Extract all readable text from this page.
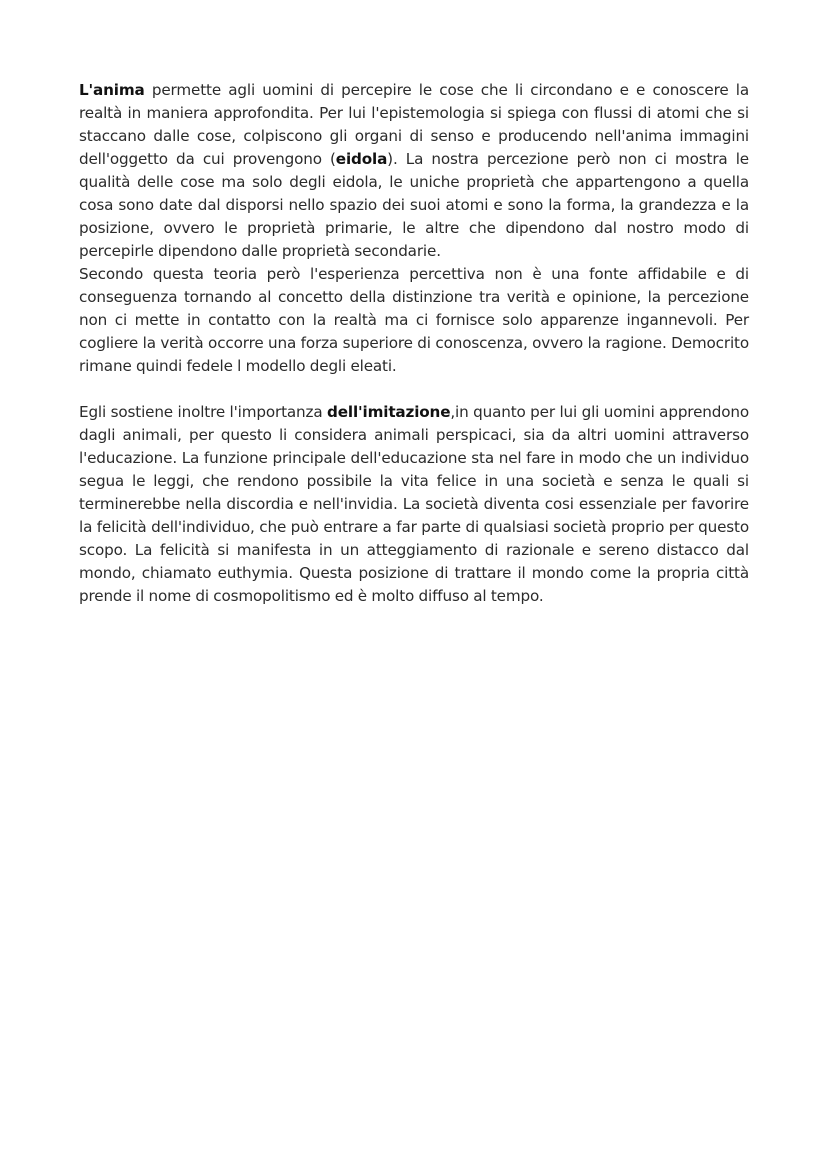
L'anima permette agli uomini di percepire le cose che li circondano e e conoscere la realtà in maniera approfondita. Per lui l'epistemologia si spiega con flussi di atomi che si staccano dalle cose, colpiscono gli organi di senso e producendo nell'anima immagini dell'oggetto da cui provengono (eidola). La nostra percezione però non ci mostra le qualità delle cose ma solo degli eidola, le uniche proprietà che appartengono a quella cosa sono date dal disporsi nello spazio dei suoi atomi e sono la forma, la grandezza e la posizione, ovvero le proprietà primarie, le altre che dipendono dal nostro modo di percepirle dipendono dalle proprietà secondarie.

Secondo questa teoria però l'esperienza percettiva non è una fonte affidabile e di conseguenza tornando al concetto della distinzione tra verità e opinione, la percezione non ci mette in contatto con la realtà ma ci fornisce solo apparenze ingannevoli. Per cogliere la verità occorre una forza superiore di conoscenza, ovvero la ragione. Democrito rimane quindi fedele l modello degli eleati.

Egli sostiene inoltre l'importanza dell'imitazione,in quanto per lui gli uomini apprendono dagli animali, per questo li considera animali perspicaci, sia da altri uomini attraverso l'educazione. La funzione principale dell'educazione sta nel fare in modo che un individuo segua le leggi, che rendono possibile la vita felice in una società e senza le quali si terminerebbe nella discordia e nell'invidia. La società diventa cosi essenziale per favorire la felicità dell'individuo, che può entrare a far parte di qualsiasi società proprio per questo scopo. La felicità si manifesta in un atteggiamento di razionale e sereno distacco dal mondo, chiamato euthymia. Questa posizione di trattare il mondo come la propria città prende il nome di cosmopolitismo ed è molto diffuso al tempo.
